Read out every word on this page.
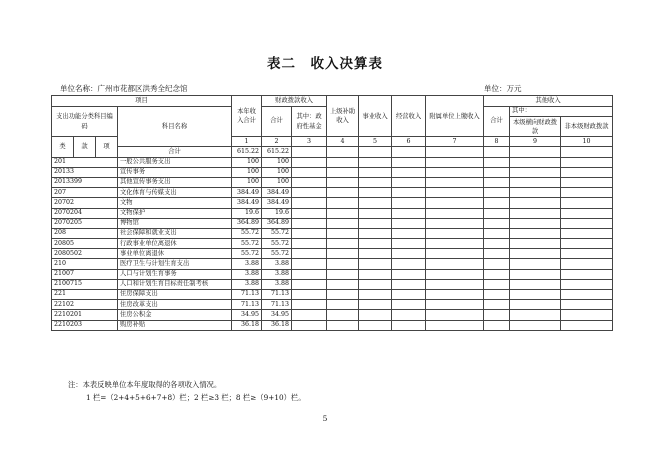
表二　收入决算表
单位名称：广州市花都区洪秀全纪念馆	单位：万元
项目				本年收入合计	财政拨款收入		上级补助收入	事业收入	经营收入	附属单位上缴收入	其他收入			
支出功能分类科目编码			科目名称		合计	其中：政府性基金					合计	其中：		
												本级横向财政拨款	非本级财政拨款	
类	款	项		1	2	3	4	5	6	7	8	9	10	
			合计	615.22	615.22									
201			一般公共服务支出	100	100									
20133			宣传事务	100	100									
2013399			其他宣传事务支出	100	100									
207			文化体育与传媒支出	384.49	384.49									
20702			文物	384.49	384.49									
2070204			文物保护	19.6	19.6									
2070205			博物馆	364.89	364.89									
208			社会保障和就业支出	55.72	55.72									
20805			行政事业单位离退休	55.72	55.72									
2080502			事业单位离退休	55.72	55.72									
210			医疗卫生与计划生育支出	3.88	3.88									
21007			人口与计划生育事务	3.88	3.88									
2100715			人口和计划生育目标责任制考核	3.88	3.88									
221			住房保障支出	71.13	71.13									
22102			住房改革支出	71.13	71.13									
2210201			住房公积金	34.95	34.95									
2210203			购房补贴	36.18	36.18									
注：本表反映单位本年度取得的各项收入情况。
1 栏=（2+4+5+6+7+8）栏；2 栏≥3 栏；8 栏≥（9+10）栏。
5
